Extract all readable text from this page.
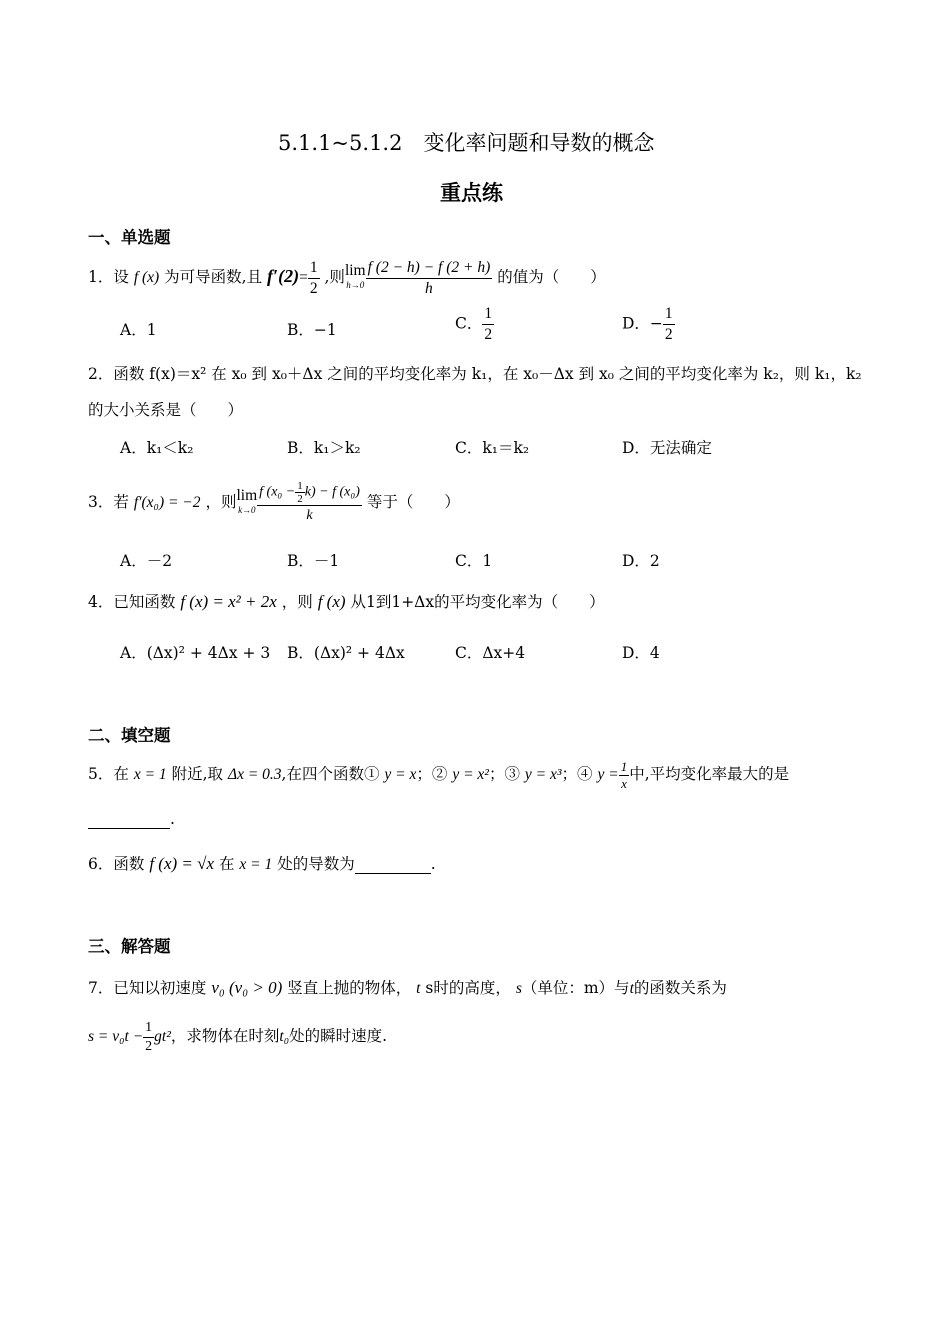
5.1.1~5.1.2　变化率问题和导数的概念
重点练
一、单选题
1．设 f (x) 为可导函数,且 $f'(2)= \frac{1}{2}$ ,则lim
$h\to 0 \frac{f (2 - h) - f (2 + h)}{h}$ 的值为（　　）
A．1	B．−1	C． $\frac{1}{2}$	D．− $\frac{1}{2}$
2．函数 f(x)＝x² 在 x₀ 到 x₀＋Δx 之间的平均变化率为 k₁，在 x₀－Δx 到 x₀ 之间的平均变化率为 k₂，则 k₁，k₂
的大小关系是（　　）
A．k₁＜k₂	B．k₁＞k₂	C．k₁＝k₂	D．无法确定
3．若 f′(x₀) = −2 ，则lim
$k\to 0 \frac{f (x_0 - \frac{1}{2} k) - f (x_0)}{k}$ 等于（　　）
A．－2	B．－1	C．1	D．2
4．已知函数 f (x) = x² + 2x ，则 f (x) 从1到1+Δx的平均变化率为（　　）
A．(Δx)² + 4Δx + 3 B．(Δx)² + 4Δx	C．Δx+4	D．4
二、填空题
5．在 x = 1 附近,取 Δx = 0.3,在四个函数① y = x；② y = x²；③ y = x³；④ $y = \frac{1}{x}$ 中,平均变化率最大的是
.
6．函数 f (x) = √x 在 x = 1 处的导数为	.
三、解答题
7．已知以初速度 v₀ (v₀ > 0) 竖直上抛的物体， t s时的高度， s（单位：m）与t的函数关系为
$s = v_0t - \frac{1}{2} gt^2$，求物体在时刻t₀处的瞬时速度.
